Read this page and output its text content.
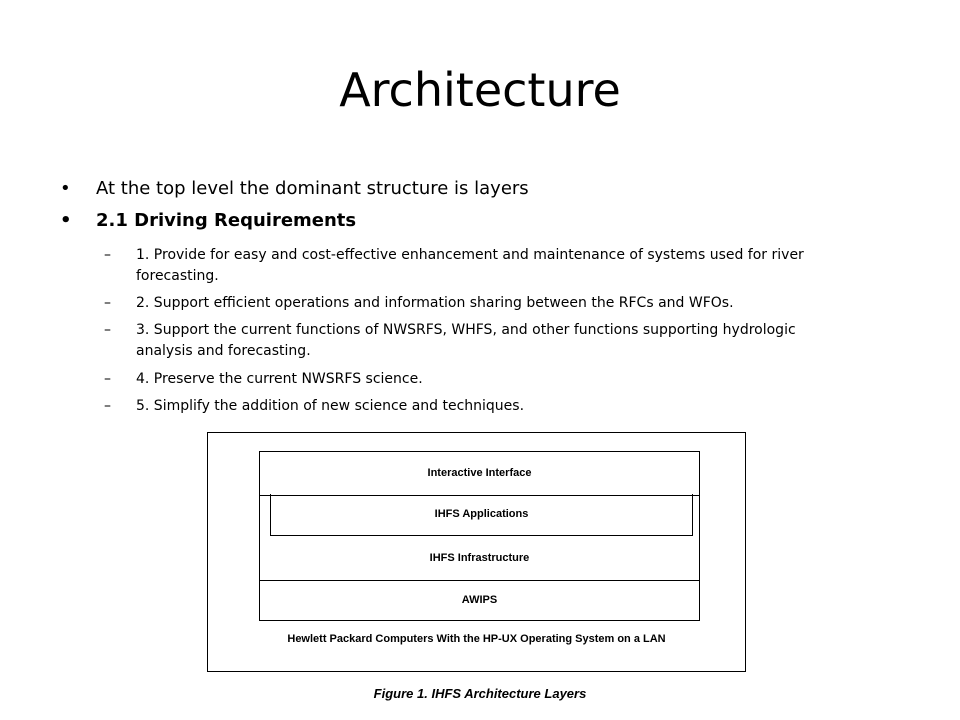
Architecture
• At the top level the dominant structure is layers
• 2.1 Driving Requirements
– 1. Provide for easy and cost-effective enhancement and maintenance of systems used for river forecasting.
– 2. Support efficient operations and information sharing between the RFCs and WFOs.
– 3. Support the current functions of NWSRFS, WHFS, and other functions supporting hydrologic analysis and forecasting.
– 4. Preserve the current NWSRFS science.
– 5. Simplify the addition of new science and techniques.
Interactive Interface
IHFS Applications
IHFS Infrastructure
AWIPS
Hewlett Packard Computers With the HP-UX Operating System on a LAN
Figure 1. IHFS Architecture Layers
